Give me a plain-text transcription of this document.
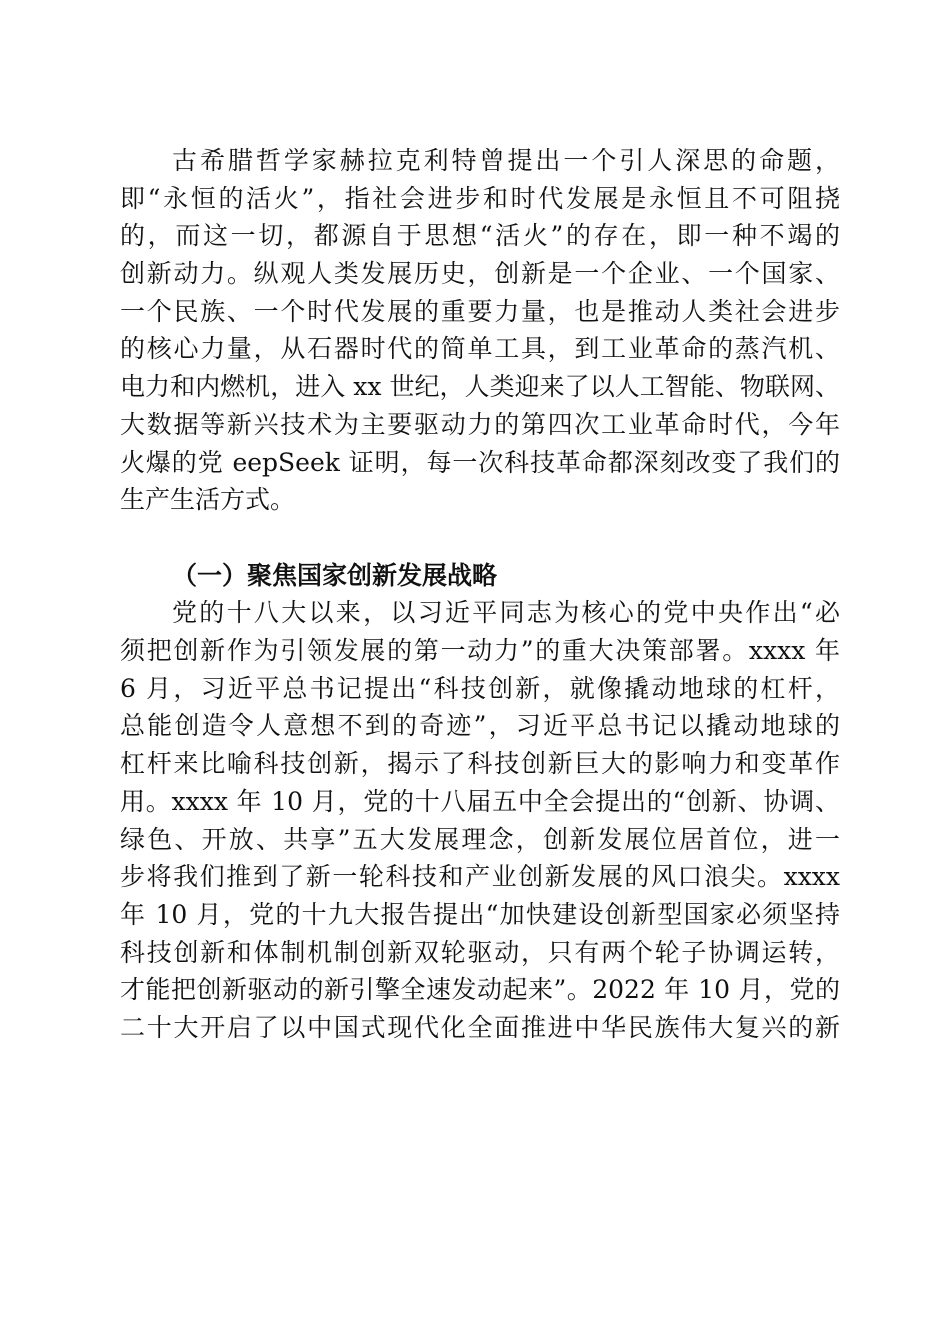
古希腊哲学家赫拉克利特曾提出一个引人深思的命题，
即“永恒的活火”，指社会进步和时代发展是永恒且不可阻挠
的，而这一切，都源自于思想“活火”的存在，即一种不竭的
创新动力。纵观人类发展历史，创新是一个企业、一个国家、
一个民族、一个时代发展的重要力量，也是推动人类社会进步
的核心力量，从石器时代的简单工具，到工业革命的蒸汽机、
电力和内燃机，进入 xx 世纪，人类迎来了以人工智能、物联网、
大数据等新兴技术为主要驱动力的第四次工业革命时代，今年
火爆的党 eepSeek 证明，每一次科技革命都深刻改变了我们的
生产生活方式。
（一）聚焦国家创新发展战略
党的十八大以来，以习近平同志为核心的党中央作出“必
须把创新作为引领发展的第一动力”的重大决策部署。xxxx 年
6 月，习近平总书记提出“科技创新，就像撬动地球的杠杆，
总能创造令人意想不到的奇迹”，习近平总书记以撬动地球的
杠杆来比喻科技创新，揭示了科技创新巨大的影响力和变革作
用。xxxx 年 10 月，党的十八届五中全会提出的“创新、协调、
绿色、开放、共享”五大发展理念，创新发展位居首位，进一
步将我们推到了新一轮科技和产业创新发展的风口浪尖。xxxx
年 10 月，党的十九大报告提出“加快建设创新型国家必须坚持
科技创新和体制机制创新双轮驱动，只有两个轮子协调运转，
才能把创新驱动的新引擎全速发动起来”。2022 年 10 月，党的
二十大开启了以中国式现代化全面推进中华民族伟大复兴的新
